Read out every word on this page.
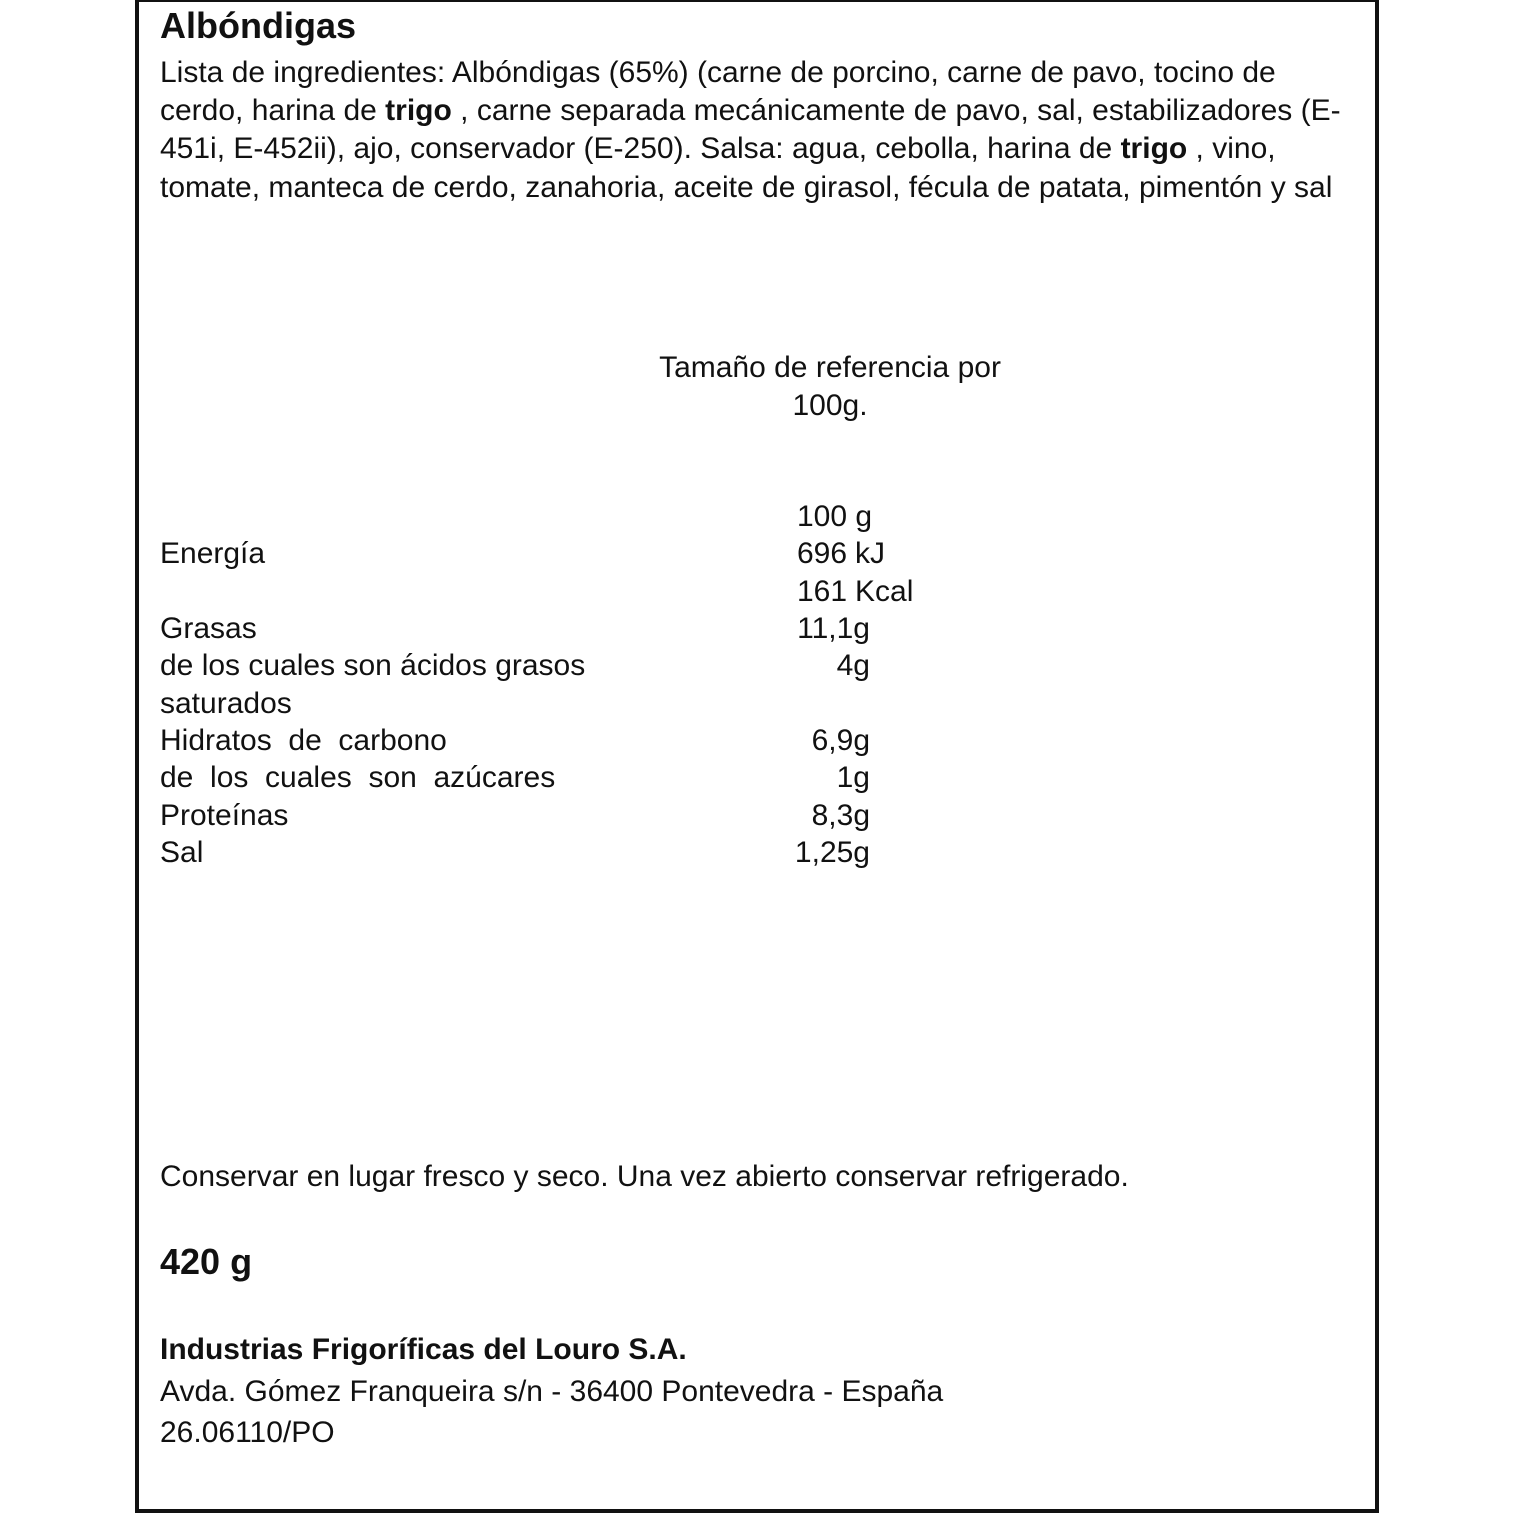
Albóndigas
Lista de ingredientes: Albóndigas (65%) (carne de porcino, carne de pavo, tocino de cerdo, harina de trigo , carne separada mecánicamente de pavo, sal, estabilizadores (E-451i, E-452ii), ajo, conservador (E-250). Salsa: agua, cebolla, harina de trigo , vino, tomate, manteca de cerdo, zanahoria, aceite de girasol, fécula de patata, pimentón y sal
Tamaño de referencia por
100g.
100 g
Energía	696 kJ
161 Kcal
Grasas	11,1g
de los cuales son ácidos grasos	4g
saturados
Hidratos  de  carbono	6,9g
de  los  cuales  son  azúcares	1g
Proteínas	8,3g
Sal	1,25g
Conservar en lugar fresco y seco. Una vez abierto conservar refrigerado.
420 g
Industrias Frigoríficas del Louro S.A.
Avda. Gómez Franqueira s/n - 36400 Pontevedra - España
26.06110/PO
